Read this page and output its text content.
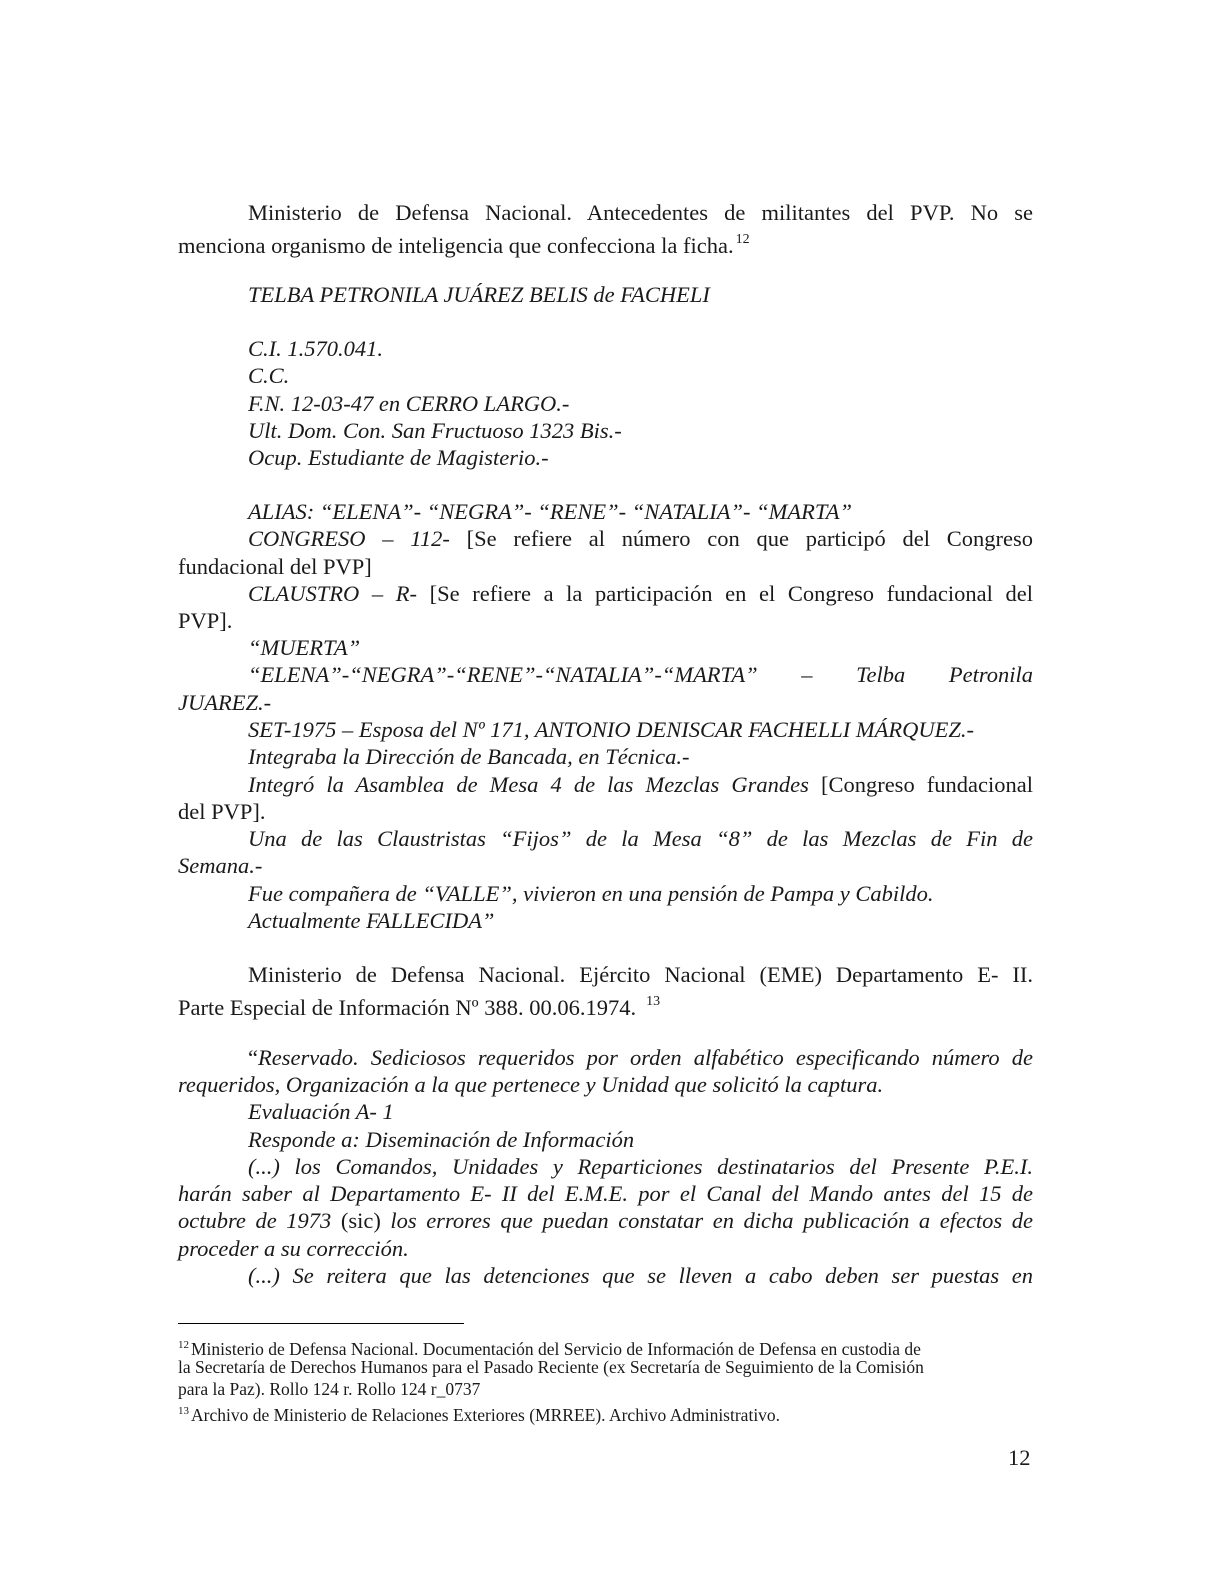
Ministerio de Defensa Nacional. Antecedentes de militantes del PVP. No se
menciona organismo de inteligencia que confecciona la ficha. $^{12}$
TELBA PETRONILA JUÁREZ BELIS de FACHELI
C.I. 1.570.041.
C.C.
F.N. 12-03-47 en CERRO LARGO.-
Ult. Dom. Con. San Fructuoso 1323 Bis.-
Ocup. Estudiante de Magisterio.-
ALIAS: “ELENA”- “NEGRA”- “RENE”- “NATALIA”- “MARTA”
CONGRESO – 112- [Se refiere al número con que participó del Congreso
fundacional del PVP]
CLAUSTRO – R- [Se refiere a la participación en el Congreso fundacional del
PVP].
“MUERTA”
“ELENA”-“NEGRA”-“RENE”-“NATALIA”-“MARTA” – Telba Petronila
JUAREZ.-
SET-1975 – Esposa del Nº 171, ANTONIO DENISCAR FACHELLI MÁRQUEZ.-
Integraba la Dirección de Bancada, en Técnica.-
Integró la Asamblea de Mesa 4 de las Mezclas Grandes [Congreso fundacional
del PVP].
Una de las Claustristas “Fijos” de la Mesa “8” de las Mezclas de Fin de
Semana.-
Fue compañera de “VALLE”, vivieron en una pensión de Pampa y Cabildo.
Actualmente FALLECIDA”
Ministerio de Defensa Nacional. Ejército Nacional (EME) Departamento E- II.
Parte Especial de Información Nº 388. 00.06.1974. $^{13}$
“Reservado. Sediciosos requeridos por orden alfabético especificando número de
requeridos, Organización a la que pertenece y Unidad que solicitó la captura.
Evaluación A- 1
Responde a: Diseminación de Información
(...) los Comandos, Unidades y Reparticiones destinatarios del Presente P.E.I.
harán saber al Departamento E- II del E.M.E. por el Canal del Mando antes del 15 de
octubre de 1973 (sic) los errores que puedan constatar en dicha publicación a efectos de
proceder a su corrección.
(...) Se reitera que las detenciones que se lleven a cabo deben ser puestas en
$^{12}$ Ministerio de Defensa Nacional. Documentación del Servicio de Información de Defensa en custodia de
la Secretaría de Derechos Humanos para el Pasado Reciente (ex Secretaría de Seguimiento de la Comisión
para la Paz). Rollo 124 r. Rollo 124 r_0737
$^{13}$ Archivo de Ministerio de Relaciones Exteriores (MRREE). Archivo Administrativo.
12
